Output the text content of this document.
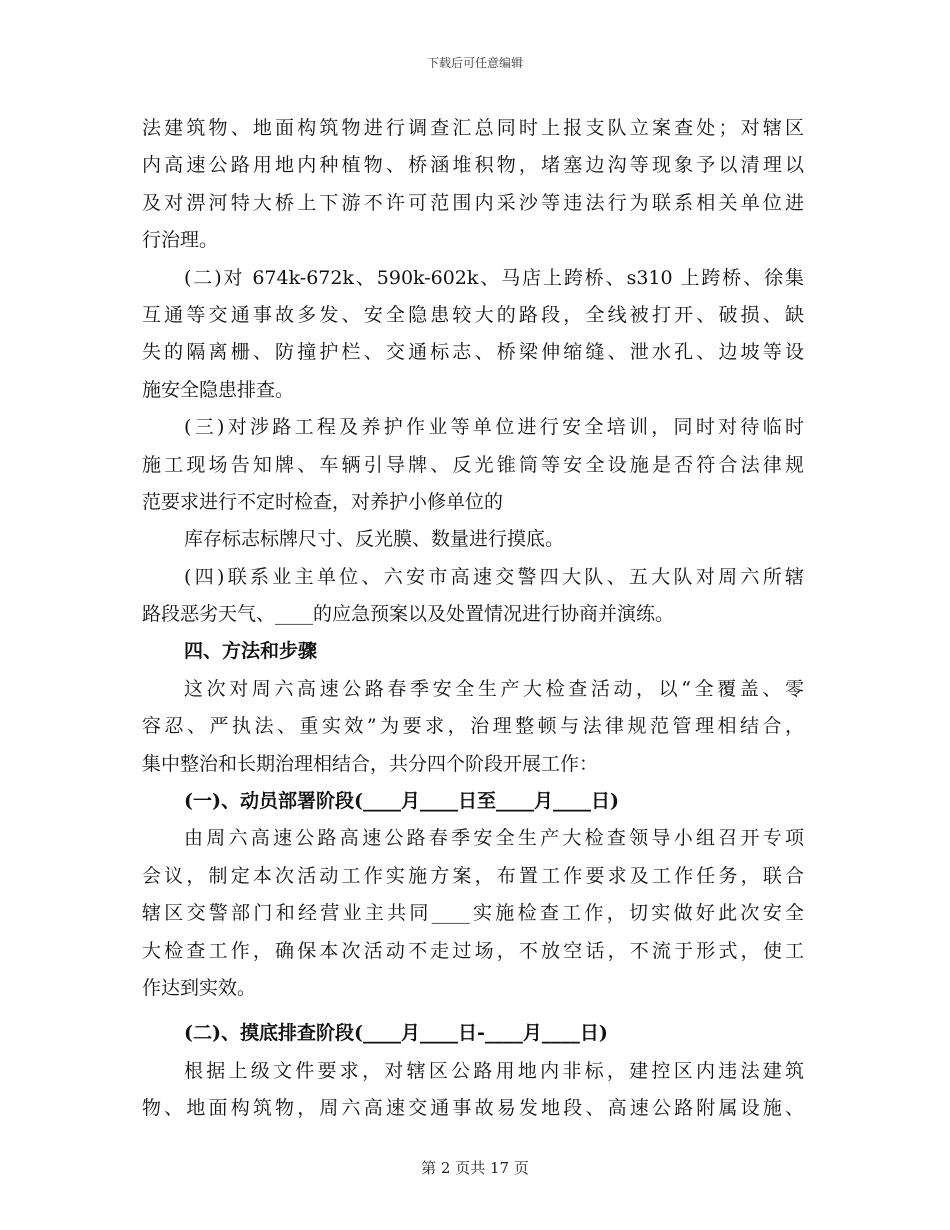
下载后可任意编辑
法建筑物、地面构筑物进行调查汇总同时上报支队立案查处；对辖区
内高速公路用地内种植物、桥涵堆积物，堵塞边沟等现象予以清理以
及对淠河特大桥上下游不许可范围内采沙等违法行为联系相关单位进
行治理。
(二)对 674k-672k、590k-602k、马店上跨桥、s310 上跨桥、徐集
互通等交通事故多发、安全隐患较大的路段，全线被打开、破损、缺
失的隔离栅、防撞护栏、交通标志、桥梁伸缩缝、泄水孔、边坡等设
施安全隐患排查。
(三)对涉路工程及养护作业等单位进行安全培训，同时对待临时
施工现场告知牌、车辆引导牌、反光锥筒等安全设施是否符合法律规
范要求进行不定时检查，对养护小修单位的
库存标志标牌尺寸、反光膜、数量进行摸底。
(四)联系业主单位、六安市高速交警四大队、五大队对周六所辖
路段恶劣天气、____的应急预案以及处置情况进行协商并演练。
四、方法和步骤
这次对周六高速公路春季安全生产大检查活动，以“全覆盖、零
容忍、严执法、重实效”为要求，治理整顿与法律规范管理相结合，
集中整治和长期治理相结合，共分四个阶段开展工作：
(一)、动员部署阶段(____月____日至____月____日)
由周六高速公路高速公路春季安全生产大检查领导小组召开专项
会议，制定本次活动工作实施方案，布置工作要求及工作任务，联合
辖区交警部门和经营业主共同____实施检查工作，切实做好此次安全
大检查工作，确保本次活动不走过场，不放空话，不流于形式，使工
作达到实效。
(二)、摸底排查阶段(____月____日-____月____日)
根据上级文件要求，对辖区公路用地内非标，建控区内违法建筑
物、地面构筑物，周六高速交通事故易发地段、高速公路附属设施、
第 2 页共 17 页
